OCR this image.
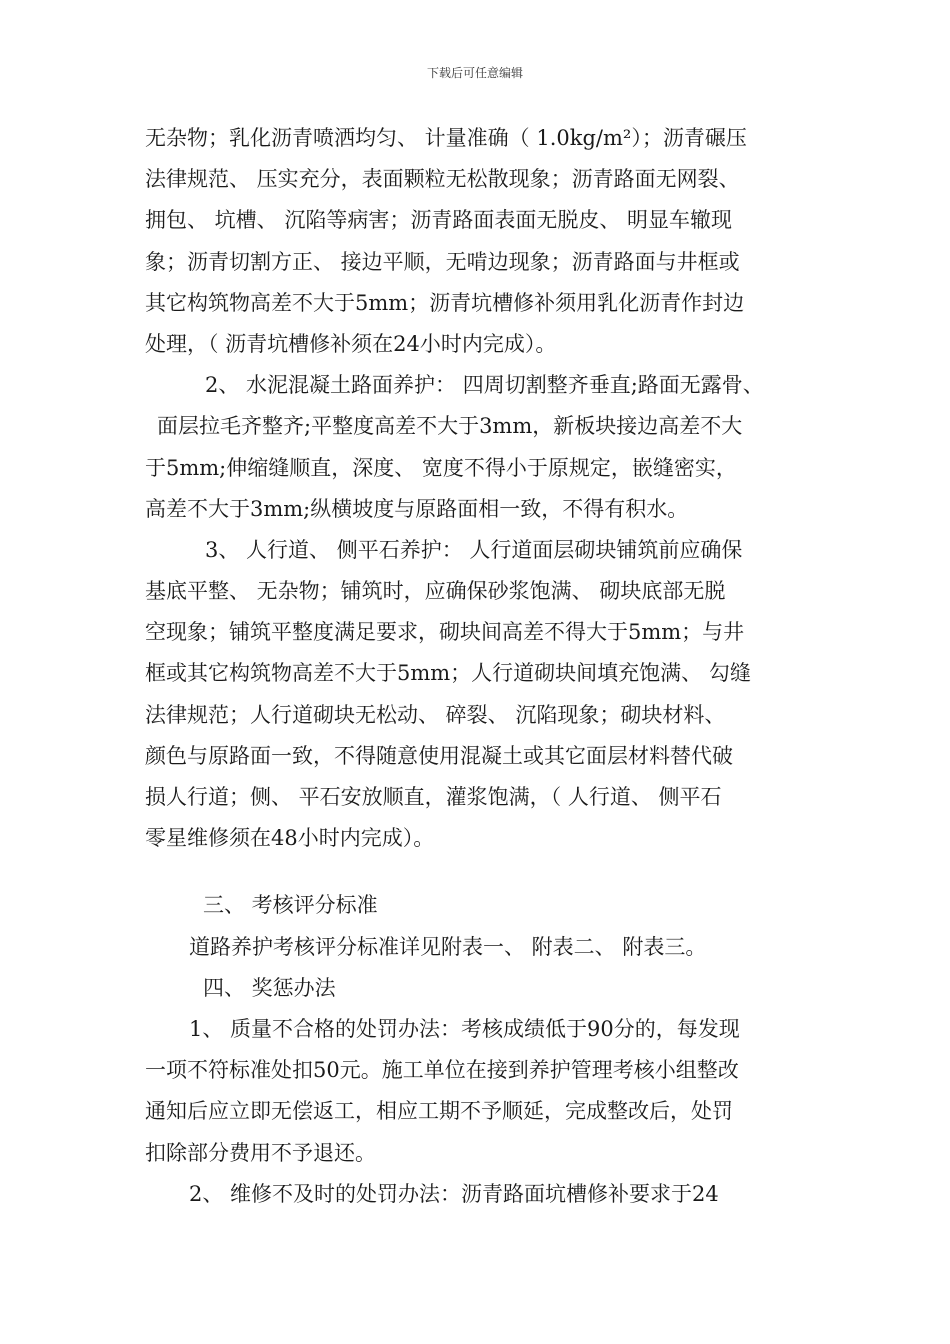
下载后可任意编辑
无杂物；乳化沥青喷洒均匀、 计量准确（ 1.0kg/m²）；沥青碾压
法律规范、 压实充分，表面颗粒无松散现象；沥青路面无网裂、
拥包、 坑槽、 沉陷等病害；沥青路面表面无脱皮、 明显车辙现
象；沥青切割方正、 接边平顺，无啃边现象；沥青路面与井框或
其它构筑物高差不大于5mm；沥青坑槽修补须用乳化沥青作封边
处理，（ 沥青坑槽修补须在24小时内完成）。
2、 水泥混凝土路面养护： 四周切割整齐垂直;路面无露骨、
面层拉毛齐整齐;平整度高差不大于3mm，新板块接边高差不大
于5mm;伸缩缝顺直，深度、 宽度不得小于原规定，嵌缝密实，
高差不大于3mm;纵横坡度与原路面相一致，不得有积水。
3、 人行道、 侧平石养护： 人行道面层砌块铺筑前应确保
基底平整、 无杂物；铺筑时，应确保砂浆饱满、 砌块底部无脱
空现象；铺筑平整度满足要求，砌块间高差不得大于5mm；与井
框或其它构筑物高差不大于5mm；人行道砌块间填充饱满、 勾缝
法律规范；人行道砌块无松动、 碎裂、 沉陷现象；砌块材料、
颜色与原路面一致，不得随意使用混凝土或其它面层材料替代破
损人行道；侧、 平石安放顺直，灌浆饱满，（ 人行道、 侧平石
零星维修须在48小时内完成）。
三、 考核评分标准
道路养护考核评分标准详见附表一、 附表二、 附表三。
四、 奖惩办法
1、 质量不合格的处罚办法：考核成绩低于90分的，每发现
一项不符标准处扣50元。施工单位在接到养护管理考核小组整改
通知后应立即无偿返工，相应工期不予顺延，完成整改后，处罚
扣除部分费用不予退还。
2、 维修不及时的处罚办法：沥青路面坑槽修补要求于24
